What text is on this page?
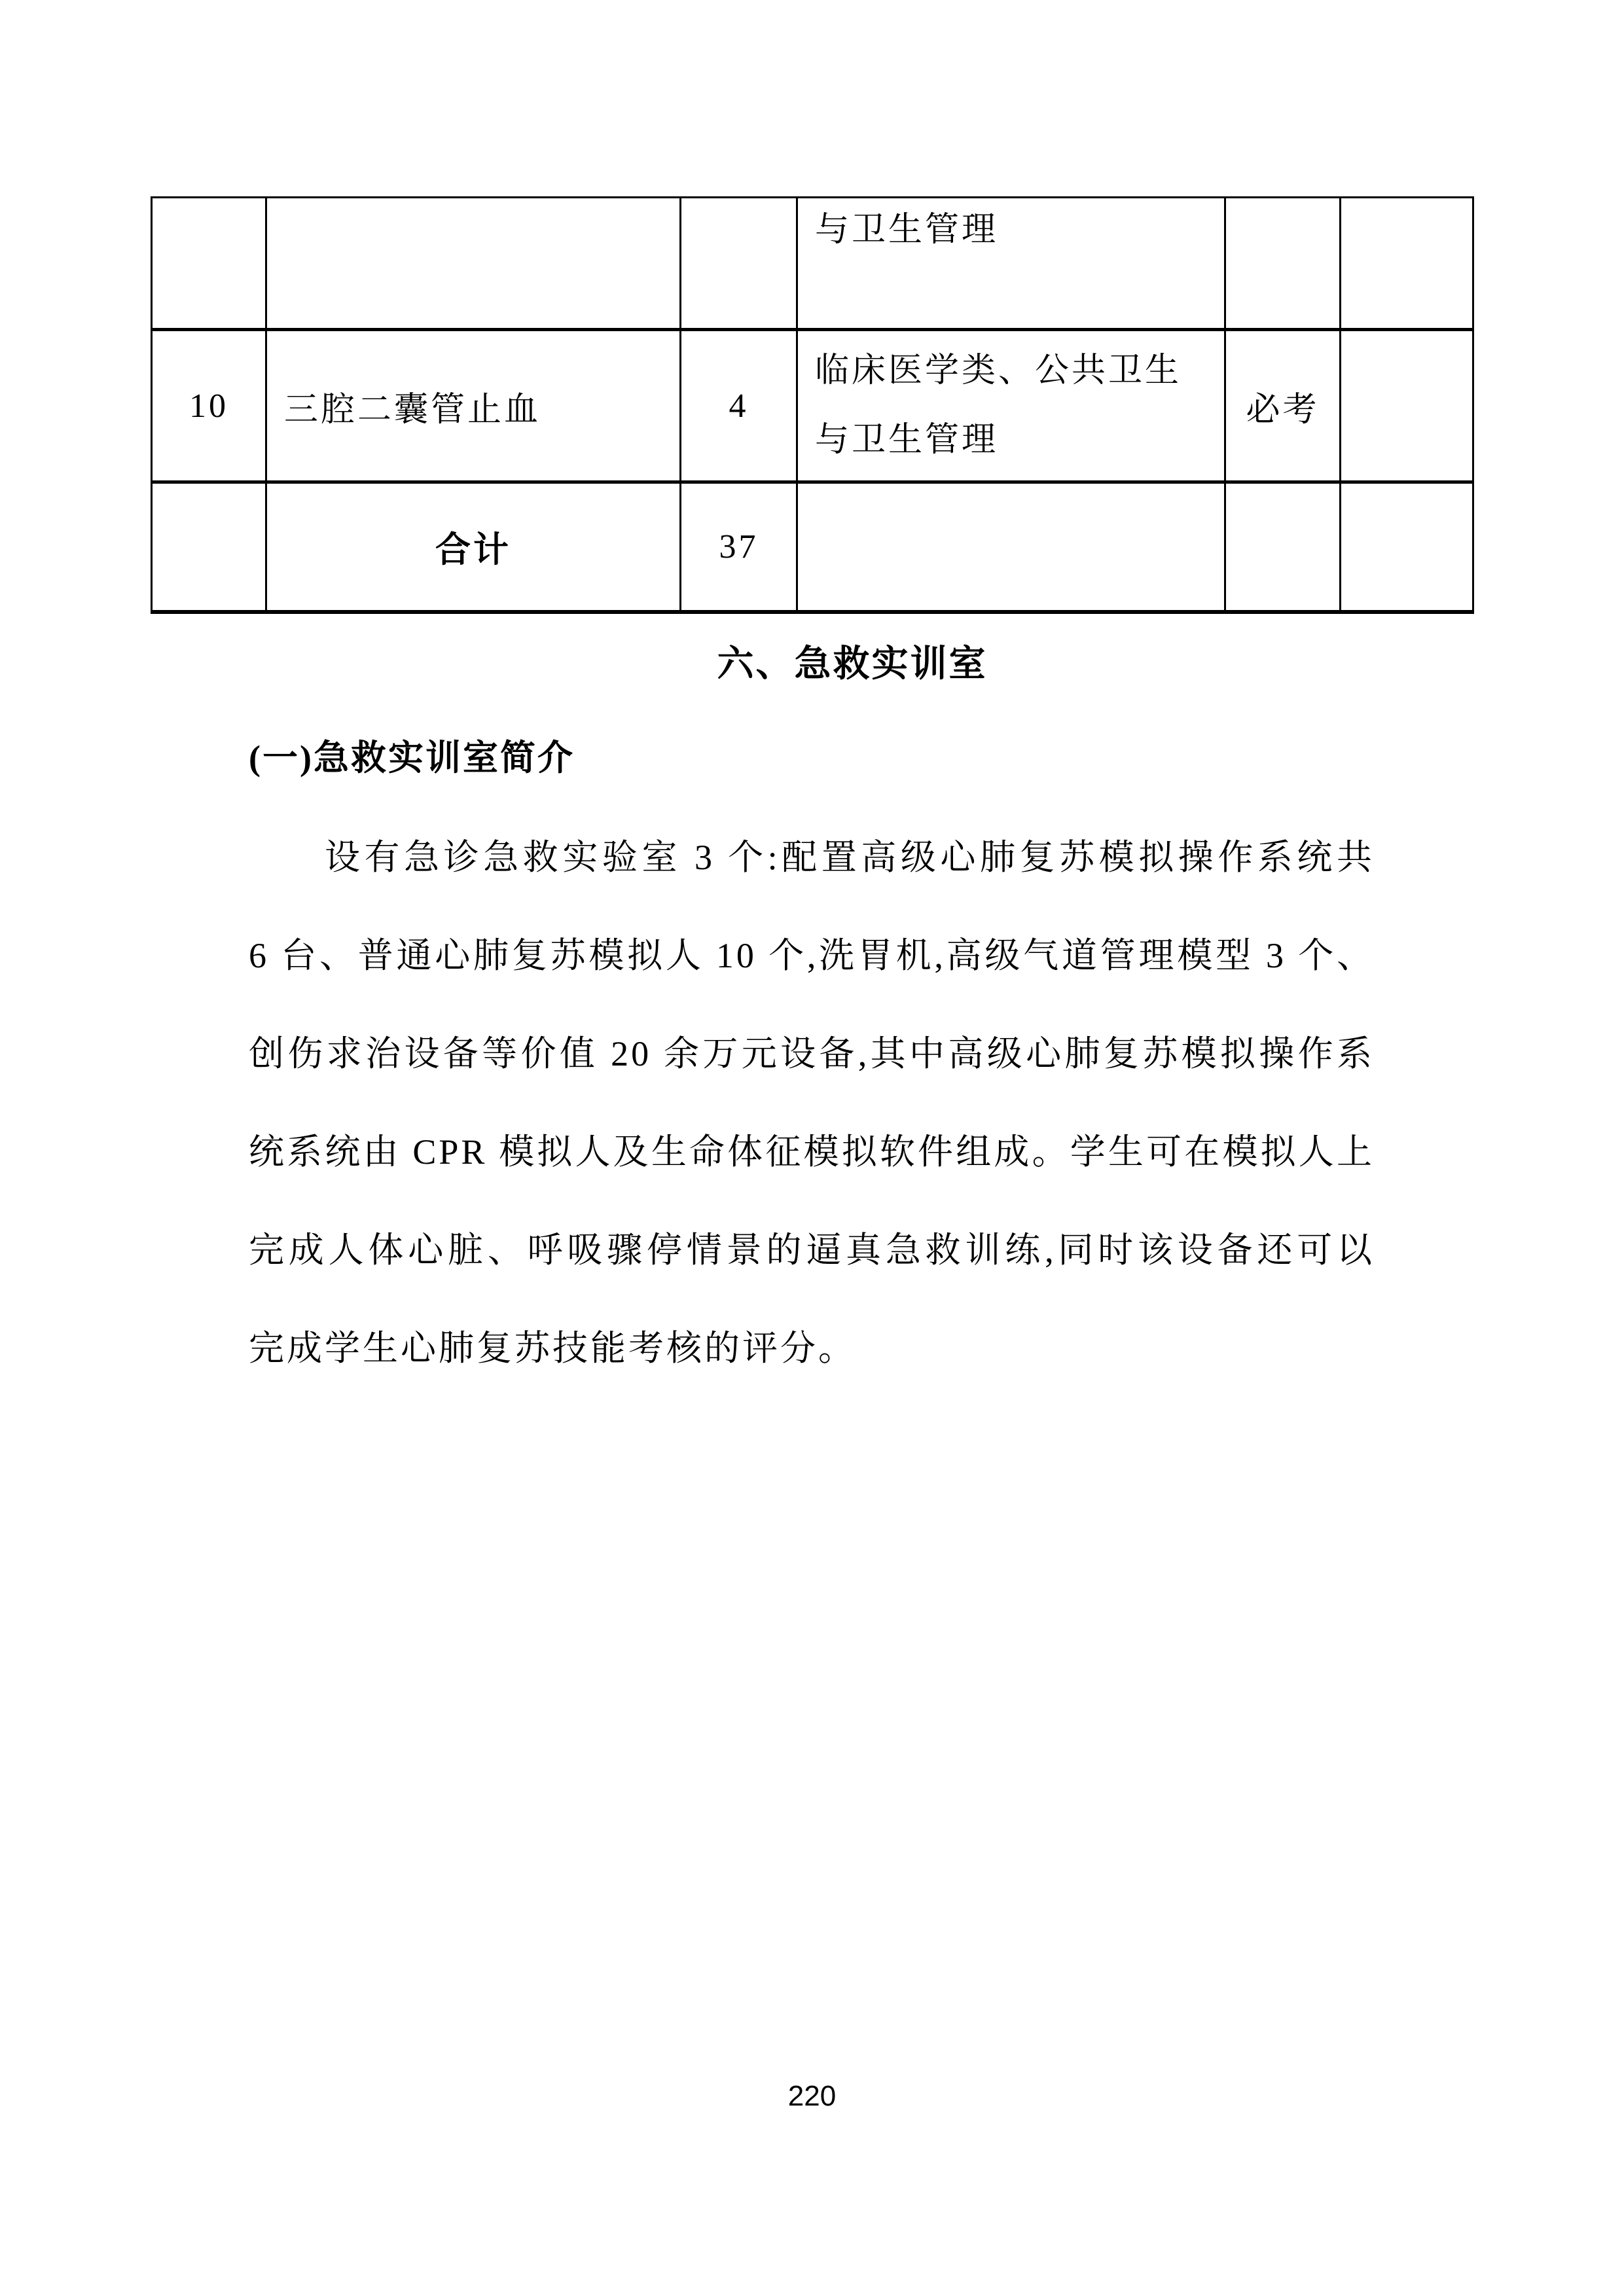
			与卫生管理		

10	三腔二囊管止血	4	临床医学类、公共卫生
与卫生管理	必考	
	合计	37			
六、急救实训室
(一)急救实训室简介
设有急诊急救实验室 3 个:配置高级心肺复苏模拟操作系统共
6 台、普通心肺复苏模拟人 10 个,洗胃机,高级气道管理模型 3 个、
创伤求治设备等价值 20 余万元设备,其中高级心肺复苏模拟操作系
统系统由 CPR 模拟人及生命体征模拟软件组成。学生可在模拟人上
完成人体心脏、呼吸骤停情景的逼真急救训练,同时该设备还可以
完成学生心肺复苏技能考核的评分。
220
